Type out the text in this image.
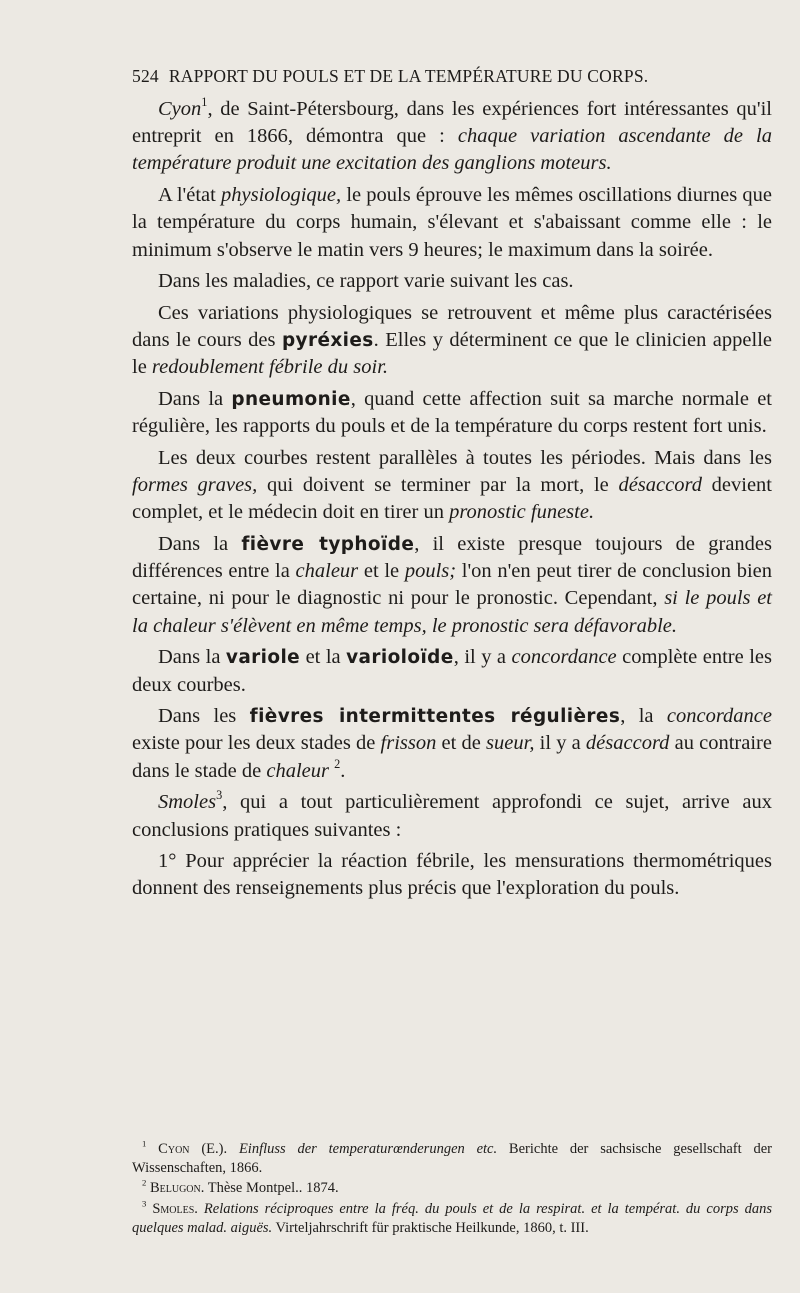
524 RAPPORT DU POULS ET DE LA TEMPÉRATURE DU CORPS.

Cyon$^1$, de Saint-Pétersbourg, dans les expériences fort intéressantes qu'il entreprit en 1866, démontra que : chaque variation ascendante de la température produit une excitation des ganglions moteurs.

A l'état physiologique, le pouls éprouve les mêmes oscillations diurnes que la température du corps humain, s'élevant et s'abaissant comme elle : le minimum s'observe le matin vers 9 heures; le maximum dans la soirée.

Dans les maladies, ce rapport varie suivant les cas.

Ces variations physiologiques se retrouvent et même plus caractérisées dans le cours des pyréxies. Elles y déterminent ce que le clinicien appelle le redoublement fébrile du soir.

Dans la pneumonie, quand cette affection suit sa marche normale et régulière, les rapports du pouls et de la température du corps restent fort unis.

Les deux courbes restent parallèles à toutes les périodes. Mais dans les formes graves, qui doivent se terminer par la mort, le désaccord devient complet, et le médecin doit en tirer un pronostic funeste.

Dans la fièvre typhoïde, il existe presque toujours de grandes différences entre la chaleur et le pouls; l'on n'en peut tirer de conclusion bien certaine, ni pour le diagnostic ni pour le pronostic. Cependant, si le pouls et la chaleur s'élèvent en même temps, le pronostic sera défavorable.

Dans la variole et la varioloïde, il y a concordance complète entre les deux courbes.

Dans les fièvres intermittentes régulières, la concordance existe pour les deux stades de frisson et de sueur, il y a désaccord au contraire dans le stade de chaleur $^2$.

Smoles$^3$, qui a tout particulièrement approfondi ce sujet, arrive aux conclusions pratiques suivantes :

1° Pour apprécier la réaction fébrile, les mensurations thermométriques donnent des renseignements plus précis que l'exploration du pouls.

$^1$ Cyon (E.). Einfluss der temperaturœnderungen etc. Berichte der sachsische gesellschaft der Wissenschaften, 1866.

$^2$ Belugon. Thèse Montpel.. 1874.

$^3$ Smoles. Relations réciproques entre la fréq. du pouls et de la respirat. et la températ. du corps dans quelques malad. aiguës. Virteljahrschrift für praktische Heilkunde, 1860, t. III.
